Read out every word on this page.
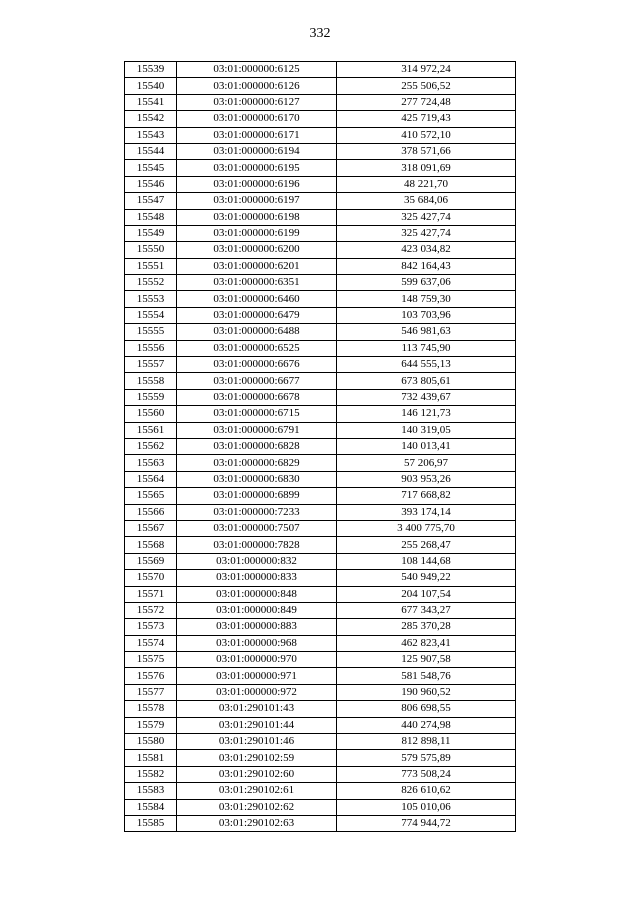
332
15539	03:01:000000:6125	314 972,24
15540	03:01:000000:6126	255 506,52
15541	03:01:000000:6127	277 724,48
15542	03:01:000000:6170	425 719,43
15543	03:01:000000:6171	410 572,10
15544	03:01:000000:6194	378 571,66
15545	03:01:000000:6195	318 091,69
15546	03:01:000000:6196	48 221,70
15547	03:01:000000:6197	35 684,06
15548	03:01:000000:6198	325 427,74
15549	03:01:000000:6199	325 427,74
15550	03:01:000000:6200	423 034,82
15551	03:01:000000:6201	842 164,43
15552	03:01:000000:6351	599 637,06
15553	03:01:000000:6460	148 759,30
15554	03:01:000000:6479	103 703,96
15555	03:01:000000:6488	546 981,63
15556	03:01:000000:6525	113 745,90
15557	03:01:000000:6676	644 555,13
15558	03:01:000000:6677	673 805,61
15559	03:01:000000:6678	732 439,67
15560	03:01:000000:6715	146 121,73
15561	03:01:000000:6791	140 319,05
15562	03:01:000000:6828	140 013,41
15563	03:01:000000:6829	57 206,97
15564	03:01:000000:6830	903 953,26
15565	03:01:000000:6899	717 668,82
15566	03:01:000000:7233	393 174,14
15567	03:01:000000:7507	3 400 775,70
15568	03:01:000000:7828	255 268,47
15569	03:01:000000:832	108 144,68
15570	03:01:000000:833	540 949,22
15571	03:01:000000:848	204 107,54
15572	03:01:000000:849	677 343,27
15573	03:01:000000:883	285 370,28
15574	03:01:000000:968	462 823,41
15575	03:01:000000:970	125 907,58
15576	03:01:000000:971	581 548,76
15577	03:01:000000:972	190 960,52
15578	03:01:290101:43	806 698,55
15579	03:01:290101:44	440 274,98
15580	03:01:290101:46	812 898,11
15581	03:01:290102:59	579 575,89
15582	03:01:290102:60	773 508,24
15583	03:01:290102:61	826 610,62
15584	03:01:290102:62	105 010,06
15585	03:01:290102:63	774 944,72
